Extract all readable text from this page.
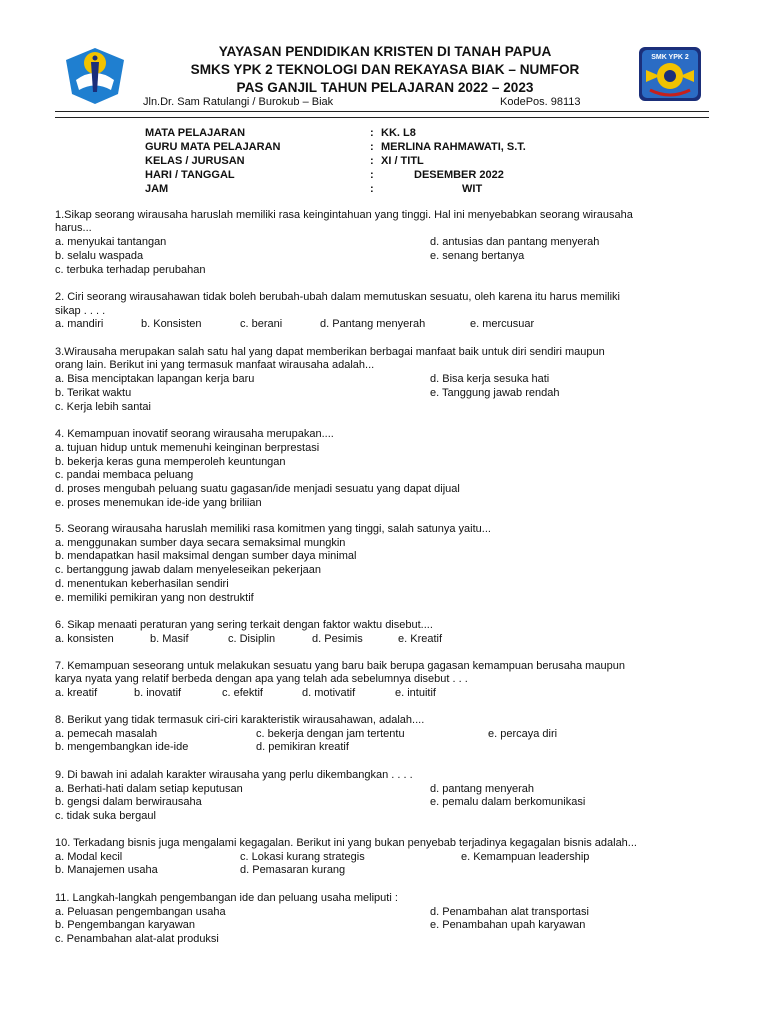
SMK YPK 2
YAYASAN PENDIDIKAN KRISTEN DI TANAH PAPUA
SMKS YPK 2 TEKNOLOGI DAN REKAYASA BIAK – NUMFOR
PAS GANJIL TAHUN PELAJARAN 2022 – 2023
Jln.Dr. Sam Ratulangi / Burokub – Biak	KodePos. 98113
MATA PELAJARAN	: KK. L8
GURU MATA PELAJARAN	: MERLINA RAHMAWATI, S.T.
KELAS / JURUSAN	: XI / TITL
HARI / TANGGAL	:	DESEMBER 2022
JAM	:	WIT
1.Sikap seorang wirausaha haruslah memiliki rasa keingintahuan yang tinggi. Hal ini menyebabkan seorang wirausaha
harus...
a. menyukai tantangan
b. selalu waspada
c. terbuka terhadap perubahan
d. antusias dan pantang menyerah
e. senang bertanya
2. Ciri seorang wirausahawan tidak boleh berubah-ubah dalam memutuskan sesuatu, oleh karena itu harus memiliki
sikap . . . .
a. mandiri	b. Konsisten	c. berani	d. Pantang menyerah	e. mercusuar
3.Wirausaha merupakan salah satu hal yang dapat memberikan berbagai manfaat baik untuk diri sendiri maupun
orang lain. Berikut ini yang termasuk manfaat wirausaha adalah...
a. Bisa menciptakan lapangan kerja baru
b. Terikat waktu
c. Kerja lebih santai
d. Bisa kerja sesuka hati
e. Tanggung jawab rendah
4. Kemampuan inovatif seorang wirausaha merupakan....
a. tujuan hidup untuk memenuhi keinginan berprestasi
b. bekerja keras guna memperoleh keuntungan
c. pandai membaca peluang
d. proses mengubah peluang suatu gagasan/ide menjadi sesuatu yang dapat dijual
e. proses menemukan ide-ide yang briliian
5. Seorang wirausaha haruslah memiliki rasa komitmen yang tinggi, salah satunya yaitu...
a. menggunakan sumber daya secara semaksimal mungkin
b. mendapatkan hasil maksimal dengan sumber daya minimal
c. bertanggung jawab dalam menyeleseikan pekerjaan
d. menentukan keberhasilan sendiri
e. memiliki pemikiran yang non destruktif
6. Sikap menaati peraturan yang sering terkait dengan faktor waktu disebut....
a. konsisten	b. Masif	c. Disiplin	d. Pesimis	e. Kreatif
7. Kemampuan seseorang untuk melakukan sesuatu yang baru baik berupa gagasan kemampuan berusaha maupun
karya nyata yang relatif berbeda dengan apa yang telah ada sebelumnya disebut . . .
a. kreatif	b. inovatif	c. efektif	d. motivatif	e. intuitif
8. Berikut yang tidak termasuk ciri-ciri karakteristik wirausahawan, adalah....
a. pemecah masalah
b. mengembangkan ide-ide
c. bekerja dengan jam tertentu
d. pemikiran kreatif
e. percaya diri
9. Di bawah ini adalah karakter wirausaha yang perlu dikembangkan . . . .
a. Berhati-hati dalam setiap keputusan
b. gengsi dalam berwirausaha
c. tidak suka bergaul
d. pantang menyerah
e. pemalu dalam berkomunikasi
10. Terkadang bisnis juga mengalami kegagalan. Berikut ini yang bukan penyebab terjadinya kegagalan bisnis adalah...
a. Modal kecil
b. Manajemen usaha
c. Lokasi kurang strategis
d. Pemasaran kurang
e. Kemampuan leadership
11. Langkah-langkah pengembangan ide dan peluang usaha meliputi :
a. Peluasan pengembangan usaha
b. Pengembangan karyawan
c. Penambahan alat-alat produksi
d. Penambahan alat transportasi
e. Penambahan upah karyawan
